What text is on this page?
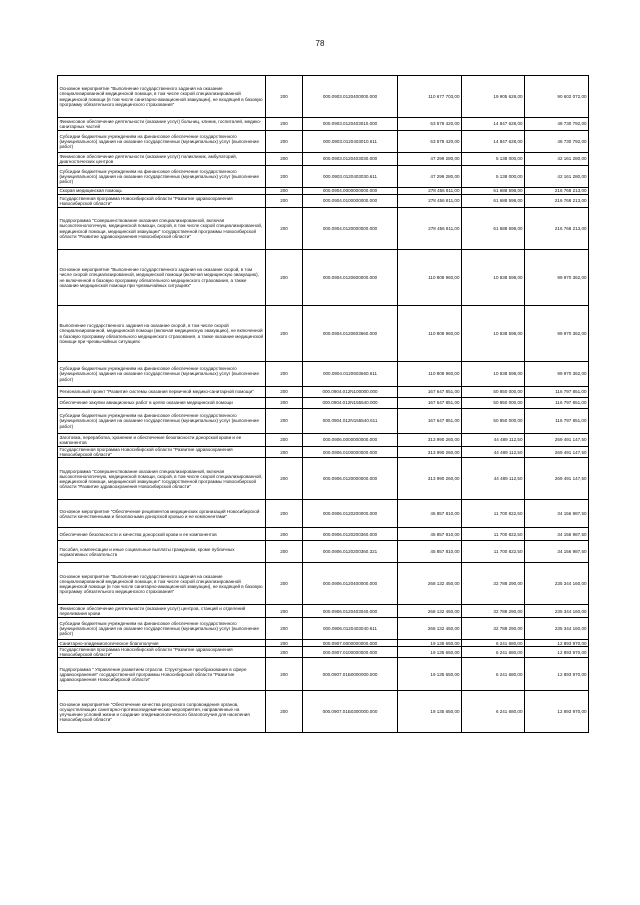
78
Основное мероприятие "Выполнение государственного задания на оказание специализированной медицинской помощи, в том числе скорой специализированной медицинской помощи (в том числе санитарно-авиационной эвакуации), не входящей в базовую программу обязательного медицинского страхования"	200	000.0903.0120400000.000	110 677 703,00	19 905 628,00	90 602 072,00
Финансовое обеспечение деятельности (оказание услуг) больниц, клиник, госпиталей, медико-санитарных частей	200	000.0903.0120403010.000	63 578 420,00	14 847 628,00	48 730 792,00
Субсидии бюджетным учреждениям на финансовое обеспечение государственного (муниципального) задания на оказание государственных (муниципальных) услуг (выполнение работ)	200	000.0903.0120403010.611	63 578 420,00	14 847 628,00	48 730 792,00
Финансовое обеспечение деятельности (оказание услуг) поликлиник, амбулаторий, диагностических центров	200	000.0903.0120403030.000	47 299 280,00	5 138 000,00	42 161 280,00
Субсидии бюджетным учреждениям на финансовое обеспечение государственного (муниципального) задания на оказание государственных (муниципальных) услуг (выполнение работ)	200	000.0903.0120403030.611	47 299 280,00	5 138 000,00	42 161 280,00
Скорая медицинская помощь	200	000.0904.0000000000.000	278 456 811,00	61 688 598,00	216 768 213,00
Государственная программа Новосибирской области "Развитие здравоохранения Новосибирской области"	200	000.0904.0100000000.000	278 456 811,00	61 688 598,00	216 768 213,00
Подпрограмма "Совершенствование оказания специализированной, включая высокотехнологичную, медицинской помощи, скорой, в том числе скорой специализированной, медицинской помощи, медицинской эвакуации" государственной программы Новосибирской области "Развитие здравоохранения Новосибирской области"	200	000.0904.0120000000.000	278 456 811,00	61 688 598,00	216 768 213,00
Основное мероприятие "Выполнение государственного задания на оказание скорой, в том числе скорой специализированной, медицинской помощи (включая медицинскую эвакуацию), не включенной в базовую программу обязательного медицинского страхования, а также оказание медицинской помощи при чрезвычайных ситуациях"	200	000.0904.0120600000.000	110 808 960,00	10 838 598,00	99 970 362,00
Выполнение государственного задания на оказание скорой, в том числе скорой специализированной, медицинской помощи (включая медицинскую эвакуацию), не включенной в базовую программу обязательного медицинского страхования, а также оказание медицинской помощи при чрезвычайных ситуациях	200	000.0904.0120603660.000	110 808 960,00	10 838 598,00	99 970 362,00
Субсидии бюджетным учреждениям на финансовое обеспечение государственного (муниципального) задания на оказание государственных (муниципальных) услуг (выполнение работ)	200	000.0904.0120603660.611	110 808 960,00	10 838 598,00	99 970 362,00
Региональный проект "Развитие системы оказания первичной медико-санитарной помощи"	200	000.0904.012N100000.000	167 647 851,00	50 850 000,00	116 797 851,00
Обеспечение закупки авиационных работ в целях оказания медицинской помощи	200	000.0904.012N155540.000	167 647 851,00	50 850 000,00	116 797 851,00
Субсидии бюджетным учреждениям на финансовое обеспечение государственного (муниципального) задания на оказание государственных (муниципальных) услуг (выполнение работ)	200	000.0904.012N155540.611	167 647 851,00	50 850 000,00	116 797 851,00
Заготовка, переработка, хранение и обеспечение безопасности донорской крови и ее компонентов	200	000.0906.0000000000.000	313 990 260,00	44 489 112,50	269 491 147,50
Государственная программа Новосибирской области "Развитие здравоохранения Новосибирской области"	200	000.0906.0100000000.000	313 990 260,00	44 489 112,50	269 491 147,50
Подпрограмма "Совершенствование оказания специализированной, включая высокотехнологичную, медицинской помощи, скорой, в том числе скорой специализированной, медицинской помощи, медицинской эвакуации" государственной программы Новосибирской области "Развитие здравоохранения Новосибирской области"	200	000.0906.0120000000.000	313 990 260,00	44 489 112,50	269 491 147,50
Основное мероприятие "Обеспечение реципиентов медицинских организаций Новосибирской области качественными и безопасными донорской кровью и ее компонентами"	200	000.0906.0120200000.000	45 857 810,00	11 700 822,50	34 156 987,50
Обеспечение безопасности и качества донорской крови и ее компонентов	200	000.0906.0120200360.000	45 857 810,00	11 700 822,50	34 156 987,50
Пособия, компенсации и иные социальные выплаты гражданам, кроме публичных нормативных обязательств	200	000.0906.0120200360.321	45 857 810,00	11 700 822,50	34 156 987,50
Основное мероприятие "Выполнение государственного задания на оказание специализированной медицинской помощи, в том числе скорой специализированной медицинской помощи (в том числе санитарно-авиационной эвакуации), не входящей в базовую программу обязательного медицинского страхования"	200	000.0906.0120400000.000	268 132 450,00	32 788 290,00	235 344 160,00
Финансовое обеспечение деятельности (оказание услуг) центров, станций и отделений переливания крови	200	000.0906.0120403040.000	268 132 450,00	32 788 290,00	235 344 160,00
Субсидии бюджетным учреждениям на финансовое обеспечение государственного (муниципального) задания на оказание государственных (муниципальных) услуг (выполнение работ)	200	000.0906.0120403040.611	268 132 450,00	32 788 290,00	235 344 160,00
Санитарно-эпидемиологическое благополучие	200	000.0907.0000000000.000	19 135 650,00	6 241 680,00	12 893 970,00
Государственная программа Новосибирской области "Развитие здравоохранения Новосибирской области"	200	000.0907.0100000000.000	19 135 650,00	6 241 680,00	12 893 970,00
Подпрограмма " Управление развитием отрасли. Структурные преобразования в сфере здравоохранения" государственной программы Новосибирской области "Развитие здравоохранения Новосибирской области"	200	000.0907.01Б0000000.000	19 135 650,00	6 241 680,00	12 893 970,00
Основное мероприятие "Обеспечение качества ресурсного сопровождения органов, осуществляющих санитарно-противоэпидемические мероприятия, направленные на улучшение условий жизни и создание эпидемиологического благополучия для населения Новосибирской области"	200	000.0907.01Б0300000.000	19 135 650,00	6 241 680,00	12 893 970,00
